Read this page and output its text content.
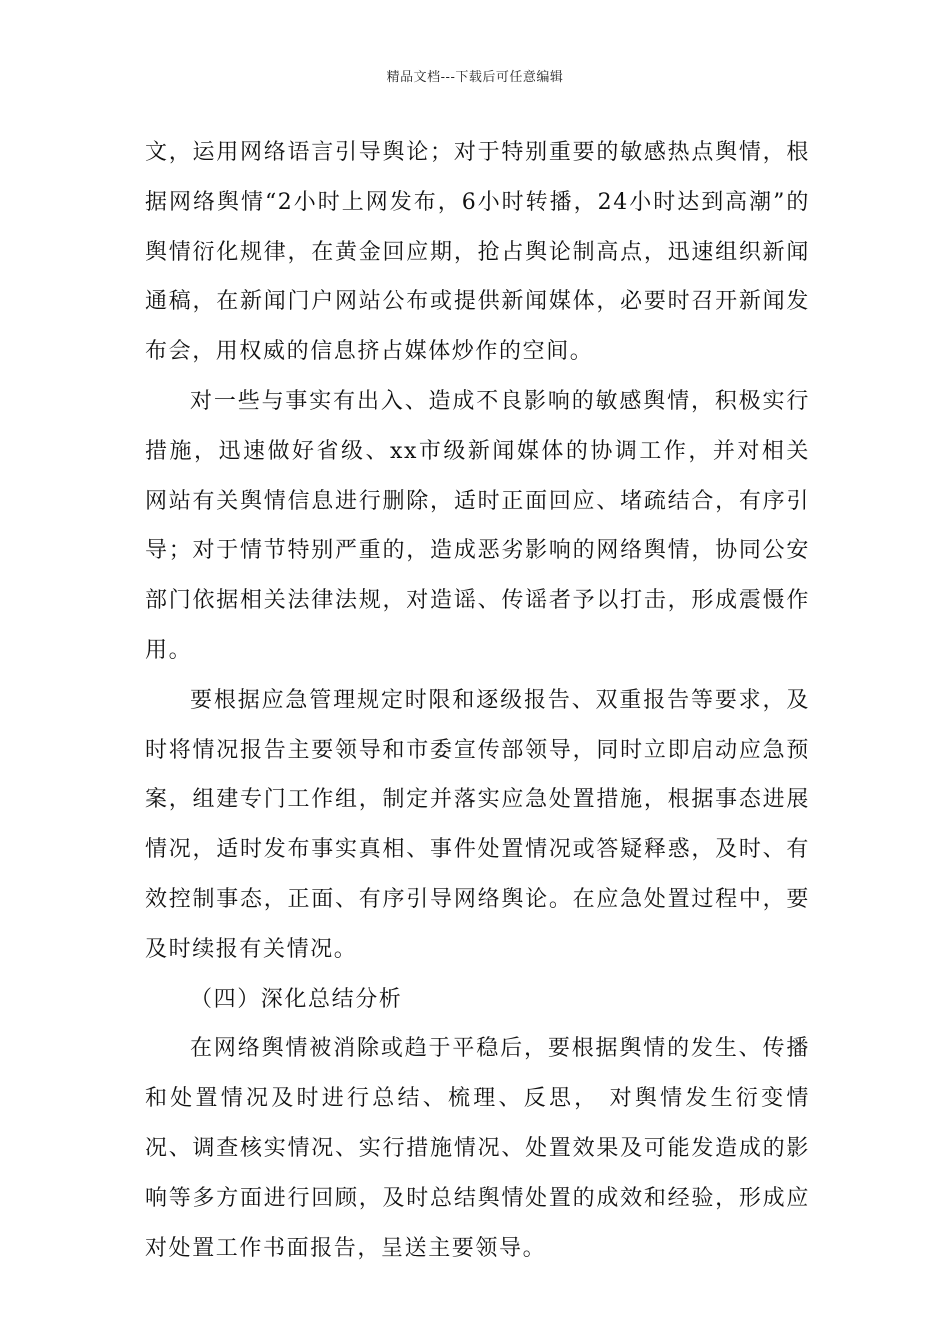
精品文档---下载后可任意编辑

文，运用网络语言引导舆论；对于特别重要的敏感热点舆情，根据网络舆情“2小时上网发布，6小时转播，24小时达到高潮”的舆情衍化规律，在黄金回应期，抢占舆论制高点，迅速组织新闻通稿，在新闻门户网站公布或提供新闻媒体，必要时召开新闻发布会，用权威的信息挤占媒体炒作的空间。

对一些与事实有出入、造成不良影响的敏感舆情，积极实行措施，迅速做好省级、xx市级新闻媒体的协调工作，并对相关网站有关舆情信息进行删除，适时正面回应、堵疏结合，有序引导；对于情节特别严重的，造成恶劣影响的网络舆情，协同公安部门依据相关法律法规，对造谣、传谣者予以打击，形成震慑作用。

要根据应急管理规定时限和逐级报告、双重报告等要求，及时将情况报告主要领导和市委宣传部领导，同时立即启动应急预案，组建专门工作组，制定并落实应急处置措施，根据事态进展情况，适时发布事实真相、事件处置情况或答疑释惑，及时、有效控制事态，正面、有序引导网络舆论。在应急处置过程中，要及时续报有关情况。

（四）深化总结分析

在网络舆情被消除或趋于平稳后，要根据舆情的发生、传播和处置情况及时进行总结、梳理、反思， 对舆情发生衍变情况、调查核实情况、实行措施情况、处置效果及可能发造成的影响等多方面进行回顾，及时总结舆情处置的成效和经验，形成应对处置工作书面报告，呈送主要领导。
